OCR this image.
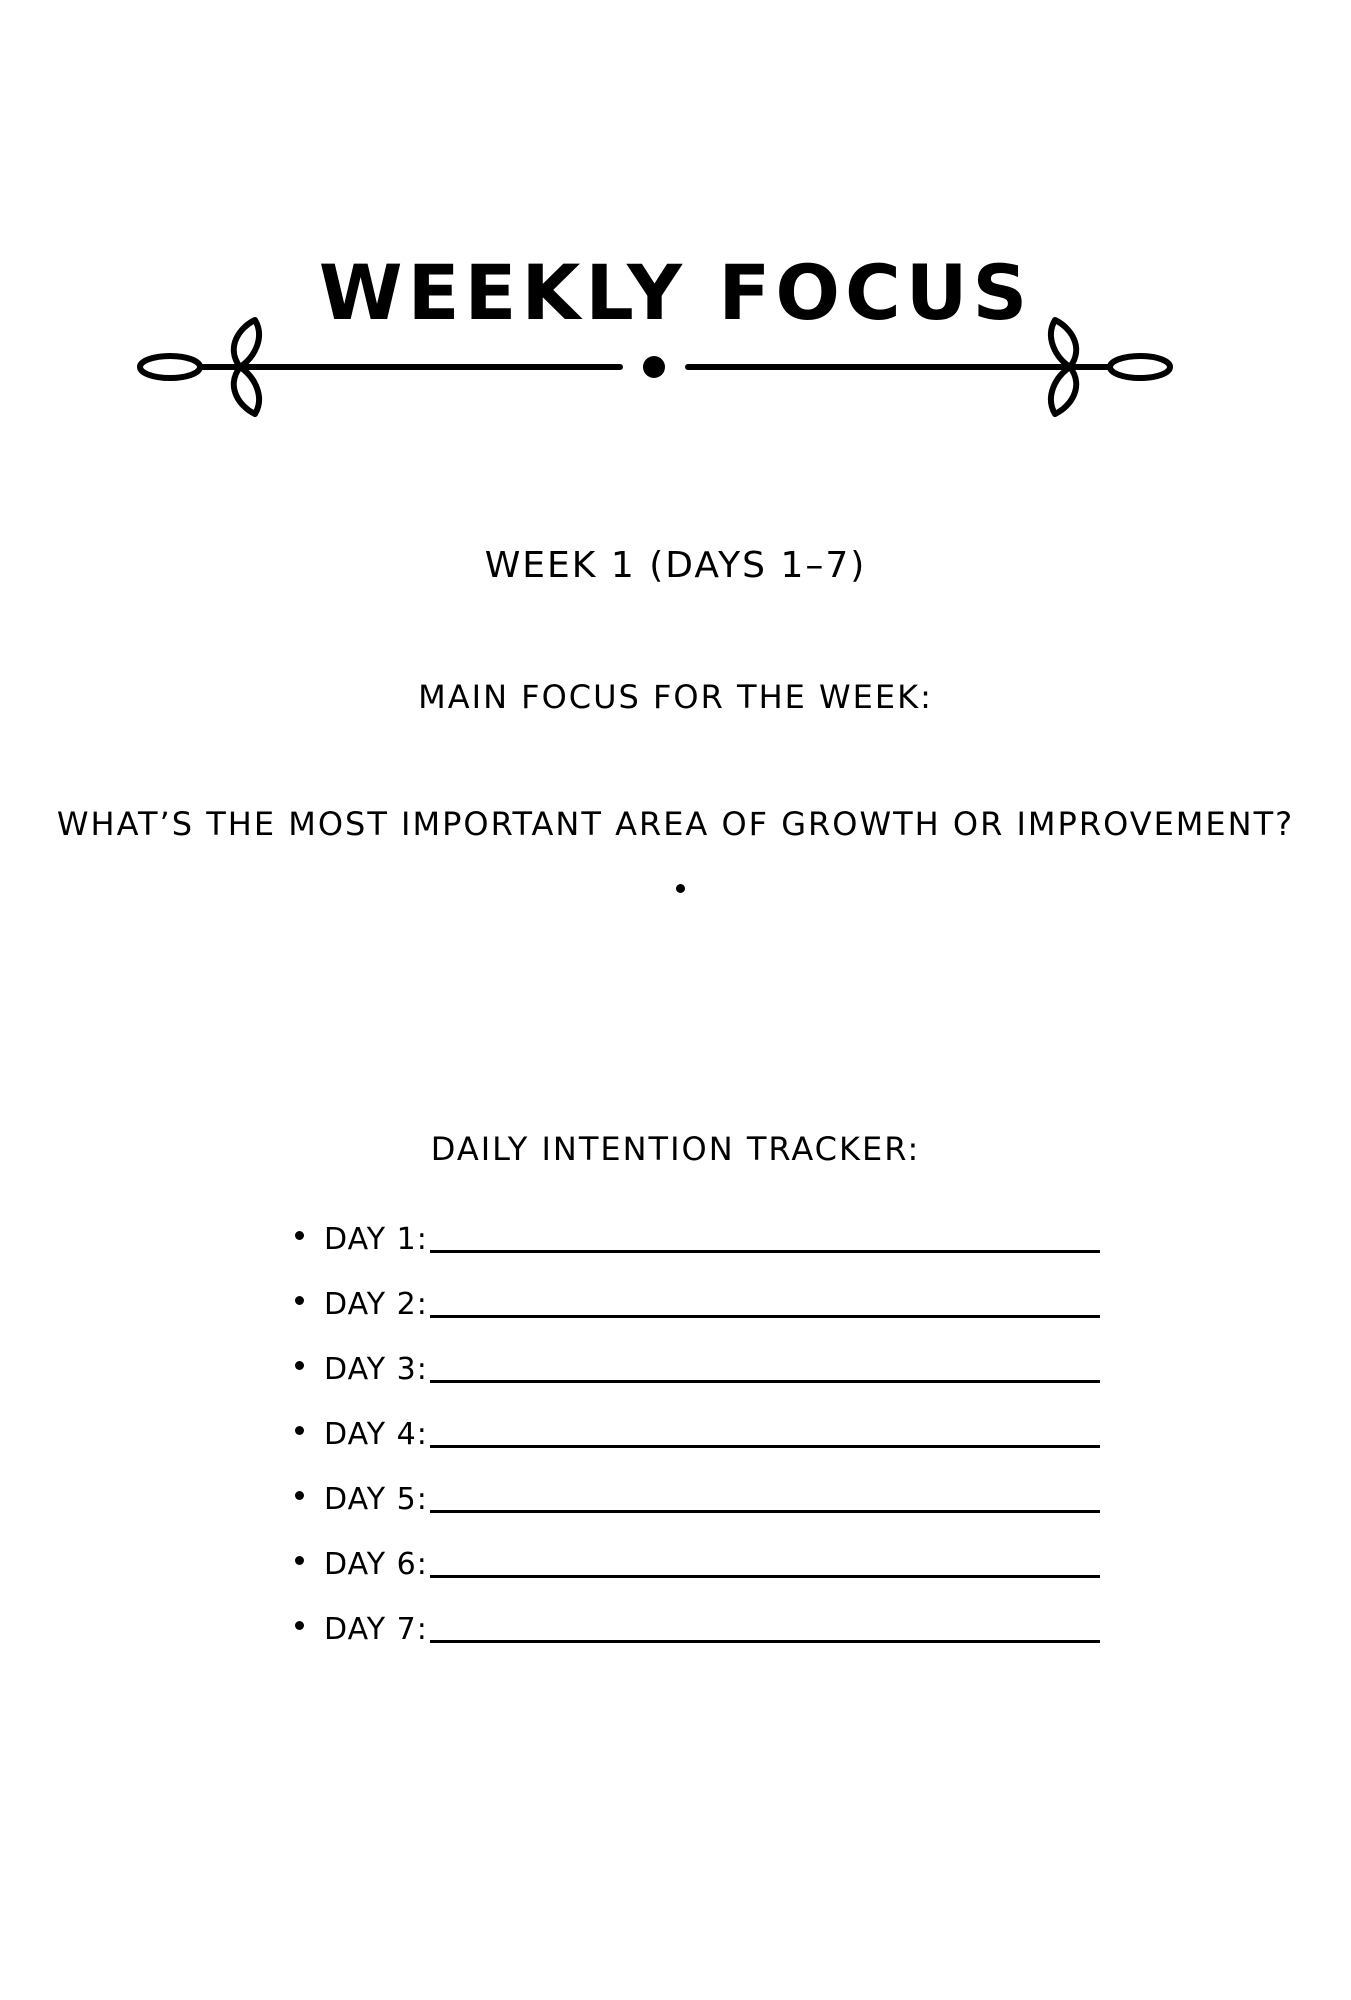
WEEKLY FOCUS
WEEK 1 (DAYS 1–7)
MAIN FOCUS FOR THE WEEK:
WHAT’S THE MOST IMPORTANT AREA OF GROWTH OR IMPROVEMENT?
DAILY INTENTION TRACKER:
DAY 1:
DAY 2:
DAY 3:
DAY 4:
DAY 5:
DAY 6:
DAY 7:
